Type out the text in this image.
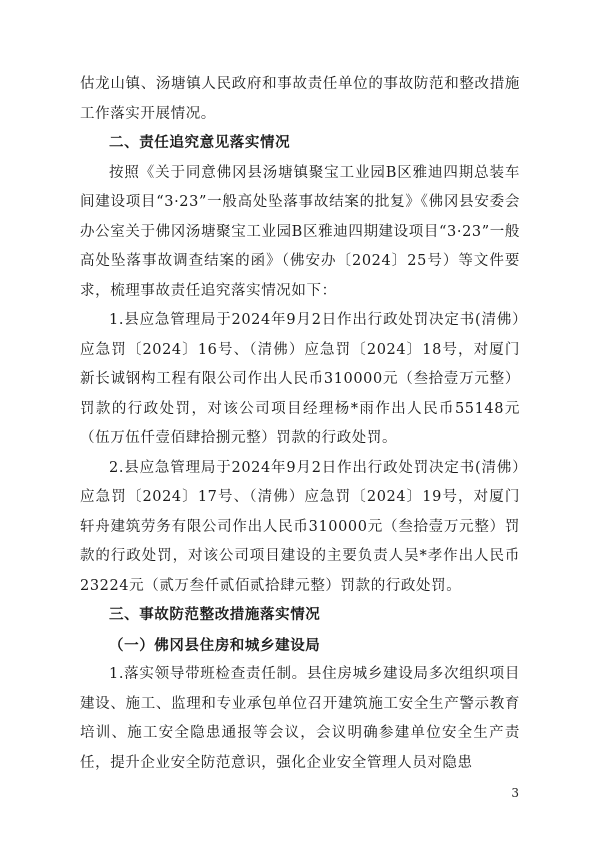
估龙山镇、汤塘镇人民政府和事故责任单位的事故防范和整改措施工作落实开展情况。

二、责任追究意见落实情况

按照《关于同意佛冈县汤塘镇聚宝工业园B区雅迪四期总装车间建设项目“3·23”一般高处坠落事故结案的批复》《佛冈县安委会办公室关于佛冈汤塘聚宝工业园B区雅迪四期建设项目“3·23”一般高处坠落事故调查结案的函》（佛安办〔2024〕25号）等文件要求，梳理事故责任追究落实情况如下：

1.县应急管理局于2024年9月2日作出行政处罚决定书(清佛）应急罚〔2024〕16号、（清佛）应急罚〔2024〕18号，对厦门新长诚钢构工程有限公司作出人民币310000元（叁拾壹万元整）罚款的行政处罚，对该公司项目经理杨*雨作出人民币55148元（伍万伍仟壹佰肆拾捌元整）罚款的行政处罚。

2.县应急管理局于2024年9月2日作出行政处罚决定书(清佛）应急罚〔2024〕17号、（清佛）应急罚〔2024〕19号，对厦门轩舟建筑劳务有限公司作出人民币310000元（叁拾壹万元整）罚款的行政处罚，对该公司项目建设的主要负责人吴*孝作出人民币23224元（贰万叁仟贰佰贰拾肆元整）罚款的行政处罚。

三、事故防范整改措施落实情况

（一）佛冈县住房和城乡建设局

1.落实领导带班检查责任制。县住房城乡建设局多次组织项目建设、施工、监理和专业承包单位召开建筑施工安全生产警示教育培训、施工安全隐患通报等会议，会议明确参建单位安全生产责任，提升企业安全防范意识，强化企业安全管理人员对隐患

3
